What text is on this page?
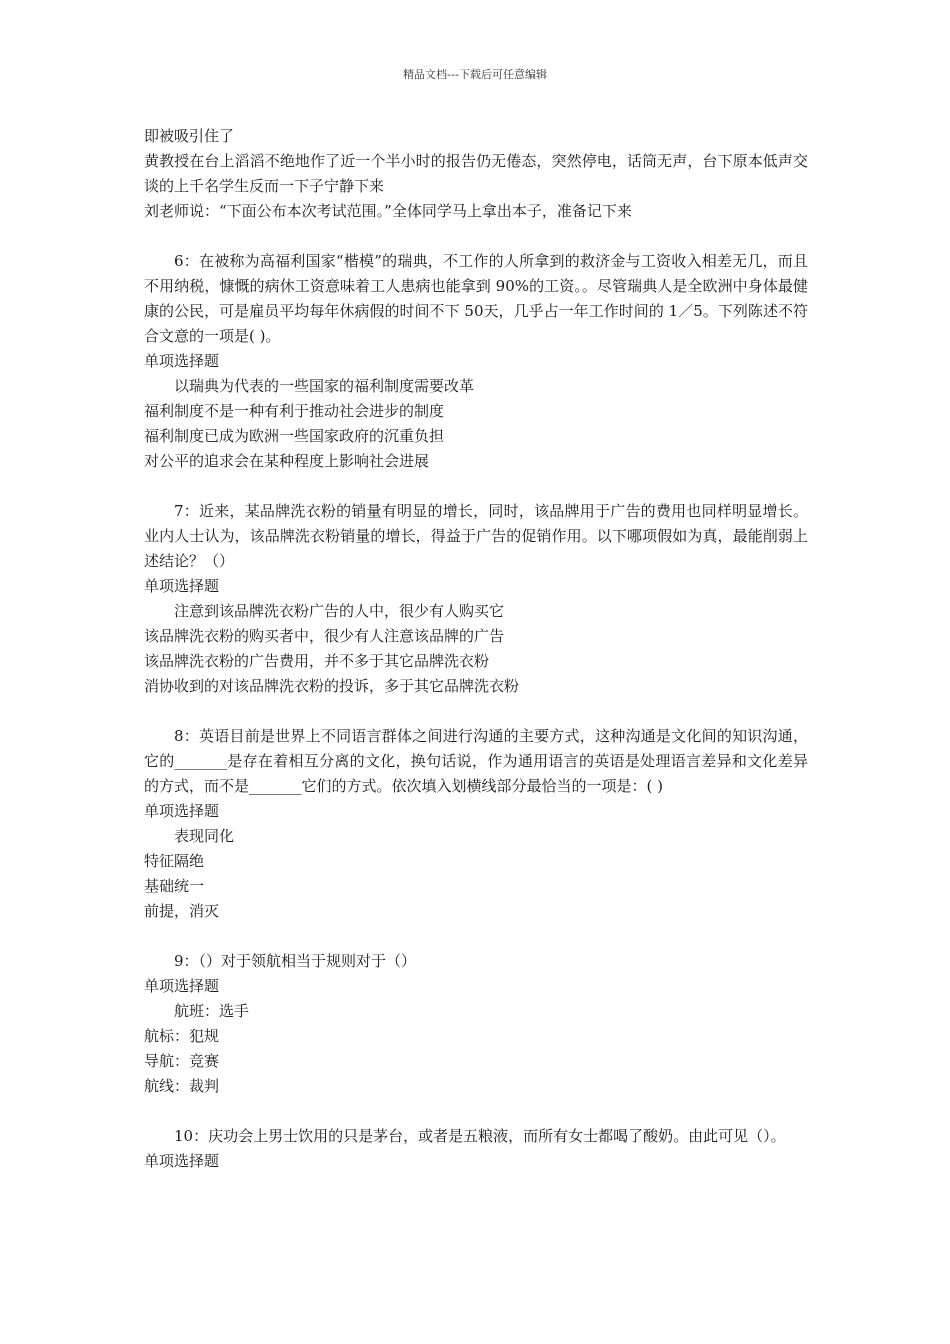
精品文档---下载后可任意编辑

即被吸引住了

黄教授在台上滔滔不绝地作了近一个半小时的报告仍无倦态，突然停电，话筒无声，台下原本低声交谈的上千名学生反而一下子宁静下来

刘老师说：“下面公布本次考试范围。”全体同学马上拿出本子，准备记下来

6：在被称为高福利国家“楷模”的瑞典，不工作的人所拿到的救济金与工资收入相差无几，而且不用纳税，慷慨的病休工资意味着工人患病也能拿到 90%的工资。。尽管瑞典人是全欧洲中身体最健康的公民，可是雇员平均每年休病假的时间不下 50天，几乎占一年工作时间的 1／5。下列陈述不符合文意的一项是( )。

单项选择题
以瑞典为代表的一些国家的福利制度需要改革
福利制度不是一种有利于推动社会进步的制度
福利制度已成为欧洲一些国家政府的沉重负担
对公平的追求会在某种程度上影响社会进展

7：近来，某品牌洗衣粉的销量有明显的增长，同时，该品牌用于广告的费用也同样明显增长。业内人士认为，该品牌洗衣粉销量的增长，得益于广告的促销作用。以下哪项假如为真，最能削弱上述结论？（）

单项选择题
注意到该品牌洗衣粉广告的人中，很少有人购买它
该品牌洗衣粉的购买者中，很少有人注意该品牌的广告
该品牌洗衣粉的广告费用，并不多于其它品牌洗衣粉
消协收到的对该品牌洗衣粉的投诉，多于其它品牌洗衣粉

8：英语目前是世界上不同语言群体之间进行沟通的主要方式，这种沟通是文化间的知识沟通，它的_______是存在着相互分离的文化，换句话说，作为通用语言的英语是处理语言差异和文化差异的方式，而不是_______它们的方式。依次填入划横线部分最恰当的一项是：( )

单项选择题
表现同化
特征隔绝
基础统一
前提，消灭

9：（）对于领航相当于规则对于（）

单项选择题
航班：选手
航标：犯规
导航：竞赛
航线：裁判

10：庆功会上男士饮用的只是茅台，或者是五粮液，而所有女士都喝了酸奶。由此可见（）。

单项选择题
